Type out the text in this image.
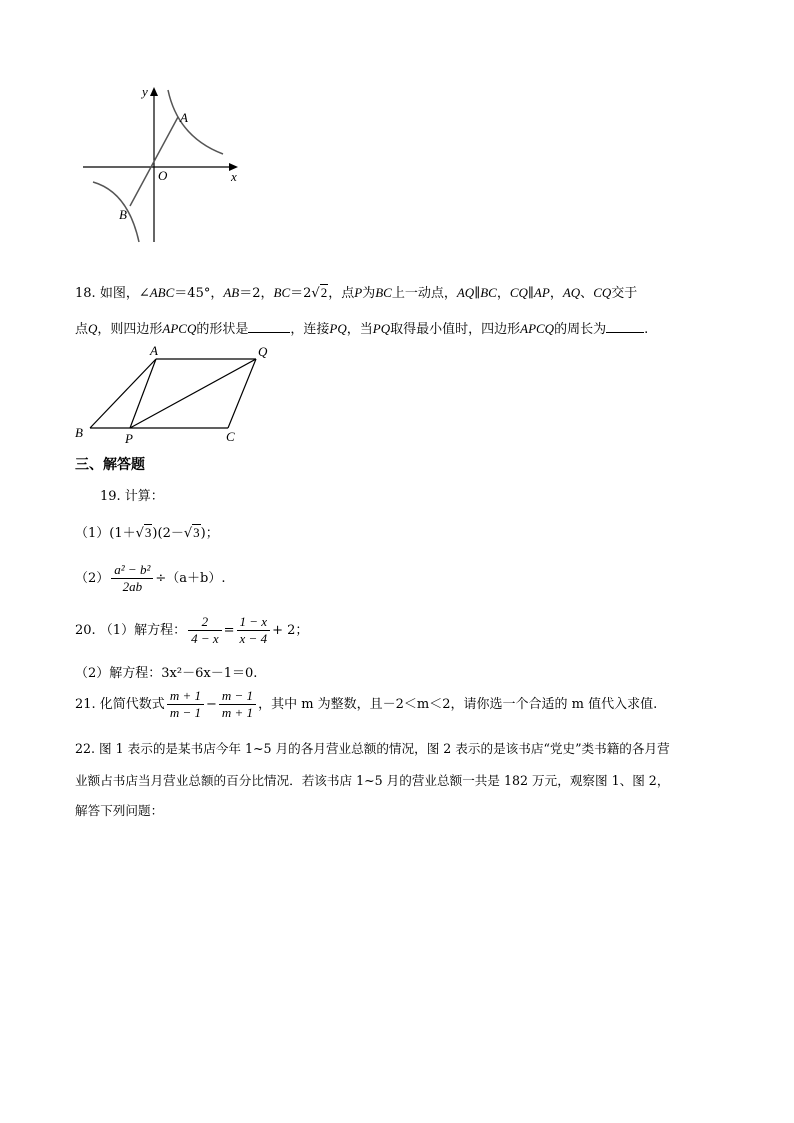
y
x
O
A
B
18. 如图，∠ABC＝45°，AB＝2，BC＝2√2，点P为BC上一动点，AQ∥BC，CQ∥AP，AQ、CQ交于
点Q，则四边形APCQ的形状是	，连接PQ，当PQ取得最小值时，四边形APCQ的周长为	.
A	Q
B	P	C
三、解答题
19. 计算：
（1）(1＋√3)(2－√3)；
$(2) \frac{\text{a² − b²}}{2ab} \div(a+b)$.
20. （1）解方程： $\frac{2}{4 - x} = \frac{1 - x}{x - 4} + 2$；
（2）解方程：3x²－6x－1＝0.
21. 化简代数式 $\frac{m + 1}{m - 1} - \frac{m - 1}{m + 1}$ ，其中 m 为整数，且－2＜m＜2，请你选一个合适的 m 值代入求值.
22. 图 1 表示的是某书店今年 1~5 月的各月营业总额的情况，图 2 表示的是该书店“党史”类书籍的各月营
业额占书店当月营业总额的百分比情况．若该书店 1~5 月的营业总额一共是 182 万元，观察图 1、图 2，
解答下列问题：
